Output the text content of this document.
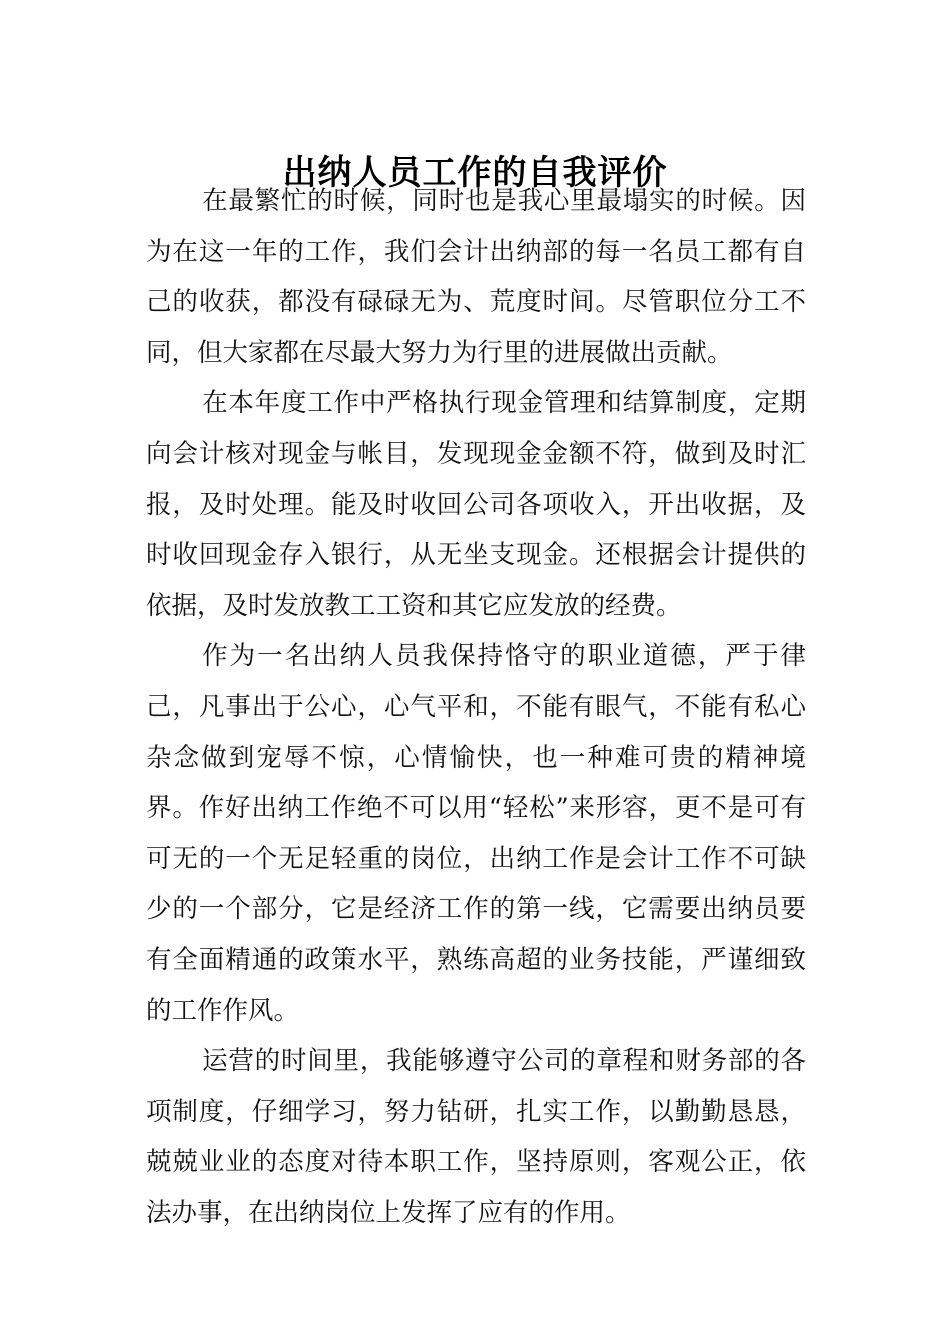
出纳人员工作的自我评价

在最繁忙的时候，同时也是我心里最塌实的时候。因为在这一年的工作，我们会计出纳部的每一名员工都有自己的收获，都没有碌碌无为、荒度时间。尽管职位分工不同，但大家都在尽最大努力为行里的进展做出贡献。

在本年度工作中严格执行现金管理和结算制度，定期向会计核对现金与帐目，发现现金金额不符，做到及时汇报，及时处理。能及时收回公司各项收入，开出收据，及时收回现金存入银行，从无坐支现金。还根据会计提供的依据，及时发放教工工资和其它应发放的经费。

作为一名出纳人员我保持恪守的职业道德，严于律己，凡事出于公心，心气平和，不能有眼气，不能有私心杂念做到宠辱不惊，心情愉快，也一种难可贵的精神境界。作好出纳工作绝不可以用“轻松”来形容，更不是可有可无的一个无足轻重的岗位，出纳工作是会计工作不可缺少的一个部分，它是经济工作的第一线，它需要出纳员要有全面精通的政策水平，熟练高超的业务技能，严谨细致的工作作风。

运营的时间里，我能够遵守公司的章程和财务部的各项制度，仔细学习，努力钻研，扎实工作，以勤勤恳恳，兢兢业业的态度对待本职工作，坚持原则，客观公正，依法办事，在出纳岗位上发挥了应有的作用。
